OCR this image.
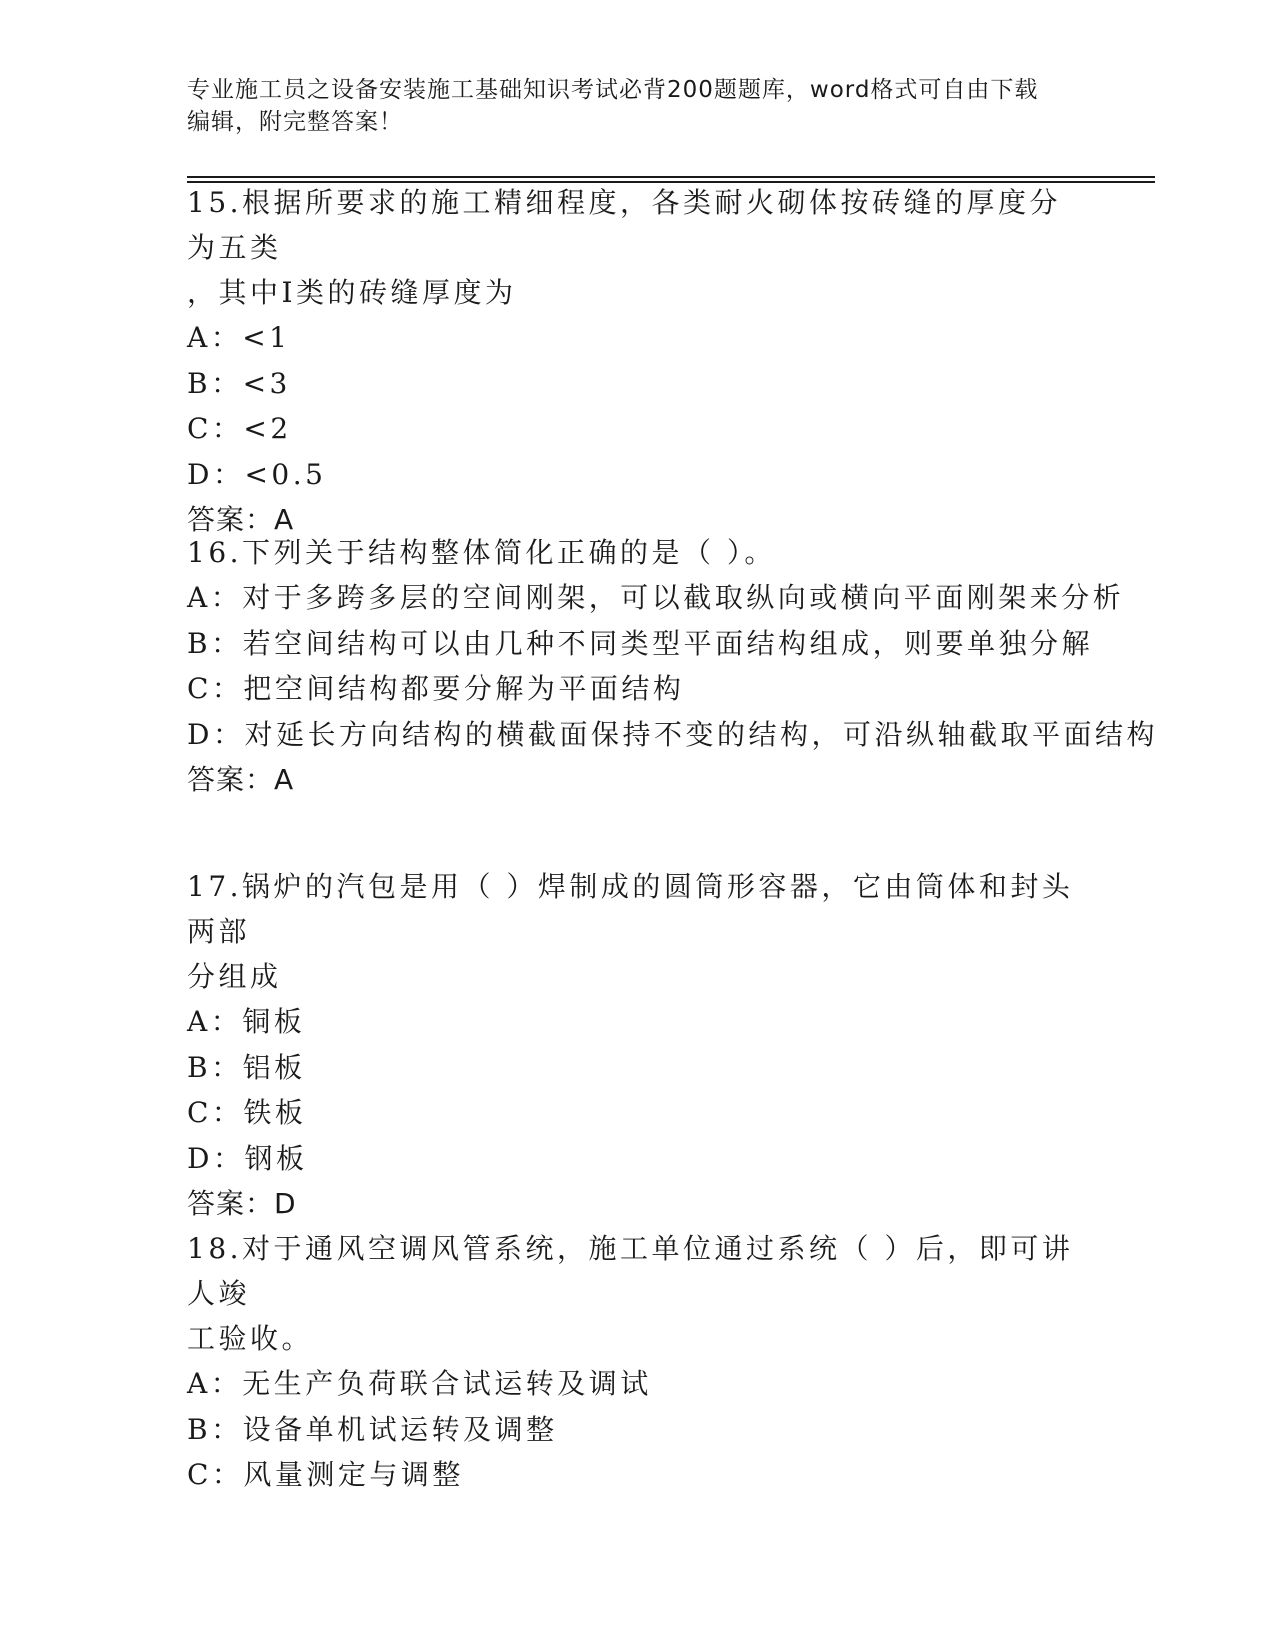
专业施工员之设备安装施工基础知识考试必背200题题库，word格式可自由下载
编辑，附完整答案！
15.根据所要求的施工精细程度，各类耐火砌体按砖缝的厚度分为五类
，其中Ⅰ类的砖缝厚度为
A：<1
B：<3
C：<2
D：<0.5
答案：A
16.下列关于结构整体简化正确的是（ ）。
A：对于多跨多层的空间刚架，可以截取纵向或横向平面刚架来分析
B：若空间结构可以由几种不同类型平面结构组成，则要单独分解
C：把空间结构都要分解为平面结构
D：对延长方向结构的横截面保持不变的结构，可沿纵轴截取平面结构
答案：A
17.锅炉的汽包是用（ ）焊制成的圆筒形容器，它由筒体和封头两部
分组成
A：铜板
B：铝板
C：铁板
D：钢板
答案：D
18.对于通风空调风管系统，施工单位通过系统（ ）后，即可讲人竣
工验收。
A：无生产负荷联合试运转及调试
B：设备单机试运转及调整
C：风量测定与调整
